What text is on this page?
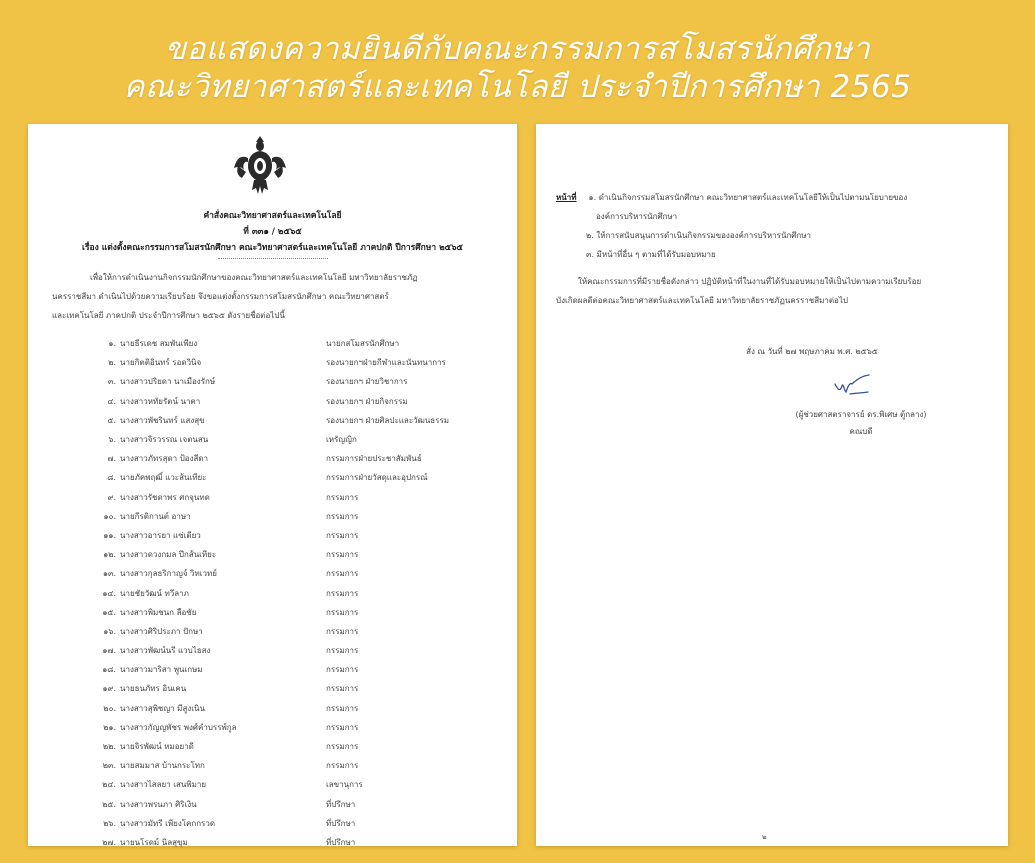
ขอแสดงความยินดีกับคณะกรรมการสโมสรนักศึกษา
คณะวิทยาศาสตร์และเทคโนโลยี ประจำปีการศึกษา 2565
คำสั่งคณะวิทยาศาสตร์และเทคโนโลยี
ที่ ๓๓๑ / ๒๕๖๕
เรื่อง แต่งตั้งคณะกรรมการสโมสรนักศึกษา คณะวิทยาศาสตร์และเทคโนโลยี ภาคปกติ ปีการศึกษา ๒๕๖๕
เพื่อให้การดำเนินงานกิจกรรมนักศึกษาของคณะวิทยาศาสตร์และเทคโนโลยี มหาวิทยาลัยราชภัฏ
นครราชสีมา ดำเนินไปด้วยความเรียบร้อย จึงขอแต่งตั้งกรรมการสโมสรนักศึกษา คณะวิทยาศาสตร์
และเทคโนโลยี ภาคปกติ ประจำปีการศึกษา ๒๕๖๕ ดังรายชื่อต่อไปนี้
๑. นายธีรเดช สมพันเพียง	นายกสโมสรนักศึกษา
๒. นายกิตติอินทร์ รอดวินิจ	รองนายกฯฝ่ายกีฬาและนันทนาการ
๓. นางสาวปริยดา นาเมืองรักษ์	รองนายกฯ ฝ่ายวิชาการ
๔. นางสาวหทัยรัตน์ นาคา	รองนายกฯ ฝ่ายกิจกรรม
๕. นางสาวพัชรินทร์ แสงสุข	รองนายกฯ ฝ่ายศิลปะและวัฒนธรรม
๖. นางสาวจิรวรรณ เจตนสน	เหรัญญิก
๗. นางสาวภัทรสุดา ป้องสีดา	กรรมการฝ่ายประชาสัมพันธ์
๘. นายภัคพฤฒิ์ แวะส้นเทียะ	กรรมการฝ่ายวัสดุและอุปกรณ์
๙. นางสาวรัชดาพร ศกจุนทด	กรรมการ
๑๐. นายกีรติกานต์ อาษา	กรรมการ
๑๑. นางสาวอารยา แซ่เตียว	กรรมการ
๑๒. นางสาวดวงกมล ปึกส้นเทียะ	กรรมการ
๑๓. นางสาวกุลธริกาญจ์ วิทเวทย์	กรรมการ
๑๔. นายชัยวัฒน์ ทวีลาภ	กรรมการ
๑๕. นางสาวพิมชนก ลือชัย	กรรมการ
๑๖. นางสาวศิริประภา ปักษา	กรรมการ
๑๗. นางสาวพัฒน์นรี แวบไธสง	กรรมการ
๑๘. นางสาวมาริสา พูนเกษม	กรรมการ
๑๙. นายธนภัทร อินเคน	กรรมการ
๒๐. นางสาวสุพิชญา มีสูงเนิน	กรรมการ
๒๑. นางสาวกัญญพัชร พงศ์คำบรรพ์กูล	กรรมการ
๒๒. นายจิรพัฒน์ หมอยาดี	กรรมการ
๒๓. นายสมมาส บ้านกระโทก	กรรมการ
๒๔. นางสาวไสลยา เสนพิมาย	เลขานุการ
๒๕. นางสาวพรนภา ศิริเงิน	ที่ปรึกษา
๒๖. นางสาวมัทรี เพียงโคกกรวด	ที่ปรึกษา
๒๗. นายนโรดม์ นิลสุขุม	ที่ปรึกษา
หน้าที่ ๑. ดำเนินกิจกรรมสโมสรนักศึกษา คณะวิทยาศาสตร์และเทคโนโลยีให้เป็นไปตามนโยบายของ
องค์การบริหารนักศึกษา
๒. ให้การสนับสนุนการดำเนินกิจกรรมขององค์การบริหารนักศึกษา
๓. มีหน้าที่อื่น ๆ ตามที่ได้รับมอบหมาย
ให้คณะกรรมการที่มีรายชื่อดังกล่าว ปฏิบัติหน้าที่ในงานที่ได้รับมอบหมายให้เป็นไปตามความเรียบร้อย
บังเกิดผลดีต่อคณะวิทยาศาสตร์และเทคโนโลยี มหาวิทยาลัยราชภัฏนครราชสีมาต่อไป
สั่ง ณ วันที่ ๒๗ พฤษภาคม พ.ศ. ๒๕๖๕
(ผู้ช่วยศาสตราจารย์ ดร.พิเศษ ตู้กลาง)
คณบดี
๒
